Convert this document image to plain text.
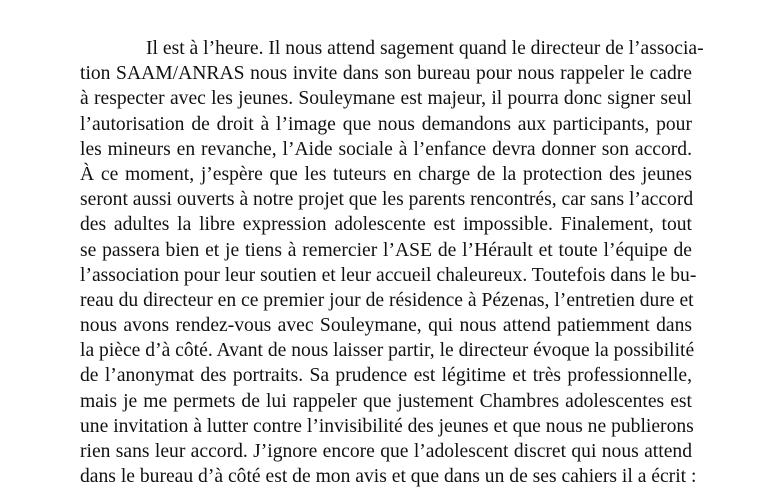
Il est à l’heure. Il nous attend sagement quand le directeur de l’associa-
tion SAAM/ANRAS nous invite dans son bureau pour nous rappeler le cadre
à respecter avec les jeunes. Souleymane est majeur, il pourra donc signer seul
l’autorisation de droit à l’image que nous demandons aux participants, pour
les mineurs en revanche, l’Aide sociale à l’enfance devra donner son accord.
À ce moment, j’espère que les tuteurs en charge de la protection des jeunes
seront aussi ouverts à notre projet que les parents rencontrés, car sans l’accord
des adultes la libre expression adolescente est impossible. Finalement, tout
se passera bien et je tiens à remercier l’ASE de l’Hérault et toute l’équipe de
l’association pour leur soutien et leur accueil chaleureux. Toutefois dans le bu-
reau du directeur en ce premier jour de résidence à Pézenas, l’entretien dure et
nous avons rendez-vous avec Souleymane, qui nous attend patiemment dans
la pièce d’à côté. Avant de nous laisser partir, le directeur évoque la possibilité
de l’anonymat des portraits. Sa prudence est légitime et très professionnelle,
mais je me permets de lui rappeler que justement Chambres adolescentes est
une invitation à lutter contre l’invisibilité des jeunes et que nous ne publierons
rien sans leur accord. J’ignore encore que l’adolescent discret qui nous attend
dans le bureau d’à côté est de mon avis et que dans un de ses cahiers il a écrit :
